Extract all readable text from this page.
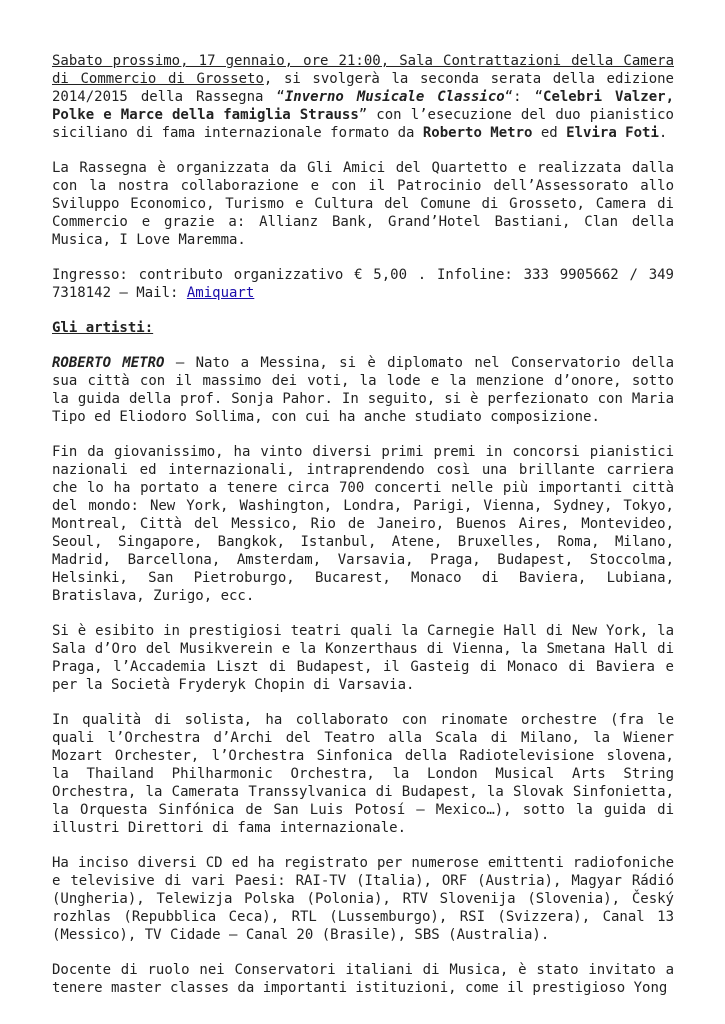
Sabato prossimo, 17 gennaio, ore 21:00, Sala Contrattazioni della Camera di Commercio di Grosseto, si svolgerà la seconda serata della edizione 2014/2015 della Rassegna “Inverno Musicale Classico“: “Celebri Valzer, Polke e Marce della famiglia Strauss” con l’esecuzione del duo pianistico siciliano di fama internazionale formato da Roberto Metro ed Elvira Foti.

La Rassegna è organizzata da Gli Amici del Quartetto e realizzata dalla con la nostra collaborazione e con il Patrocinio dell’Assessorato allo Sviluppo Economico, Turismo e Cultura del Comune di Grosseto, Camera di Commercio e grazie a: Allianz Bank, Grand’Hotel Bastiani, Clan della Musica, I Love Maremma.

Ingresso: contributo organizzativo € 5,00 . Infoline: 333 9905662 / 349 7318142 – Mail: Amiquart

Gli artisti:

ROBERTO METRO – Nato a Messina, si è diplomato nel Conservatorio della sua città con il massimo dei voti, la lode e la menzione d’onore, sotto la guida della prof. Sonja Pahor. In seguito, si è perfezionato con Maria Tipo ed Eliodoro Sollima, con cui ha anche studiato composizione.

Fin da giovanissimo, ha vinto diversi primi premi in concorsi pianistici nazionali ed internazionali, intraprendendo così una brillante carriera che lo ha portato a tenere circa 700 concerti nelle più importanti città del mondo: New York, Washington, Londra, Parigi, Vienna, Sydney, Tokyo, Montreal, Città del Messico, Rio de Janeiro, Buenos Aires, Montevideo, Seoul, Singapore, Bangkok, Istanbul, Atene, Bruxelles, Roma, Milano, Madrid, Barcellona, Amsterdam, Varsavia, Praga, Budapest, Stoccolma, Helsinki, San Pietroburgo, Bucarest, Monaco di Baviera, Lubiana, Bratislava, Zurigo, ecc.

Si è esibito in prestigiosi teatri quali la Carnegie Hall di New York, la Sala d’Oro del Musikverein e la Konzerthaus di Vienna, la Smetana Hall di Praga, l’Accademia Liszt di Budapest, il Gasteig di Monaco di Baviera e per la Società Fryderyk Chopin di Varsavia.

In qualità di solista, ha collaborato con rinomate orchestre (fra le quali l’Orchestra d’Archi del Teatro alla Scala di Milano, la Wiener Mozart Orchester, l’Orchestra Sinfonica della Radiotelevisione slovena, la Thailand Philharmonic Orchestra, la London Musical Arts String Orchestra, la Camerata Transsylvanica di Budapest, la Slovak Sinfonietta, la Orquesta Sinfónica de San Luis Potosí – Mexico…), sotto la guida di illustri Direttori di fama internazionale.

Ha inciso diversi CD ed ha registrato per numerose emittenti radiofoniche e televisive di vari Paesi: RAI-TV (Italia), ORF (Austria), Magyar Rádió (Ungheria), Telewizja Polska (Polonia), RTV Slovenija (Slovenia), Český rozhlas (Repubblica Ceca), RTL (Lussemburgo), RSI (Svizzera), Canal 13 (Messico), TV Cidade – Canal 20 (Brasile), SBS (Australia).

Docente di ruolo nei Conservatori italiani di Musica, è stato invitato a tenere master classes da importanti istituzioni, come il prestigioso Yong
